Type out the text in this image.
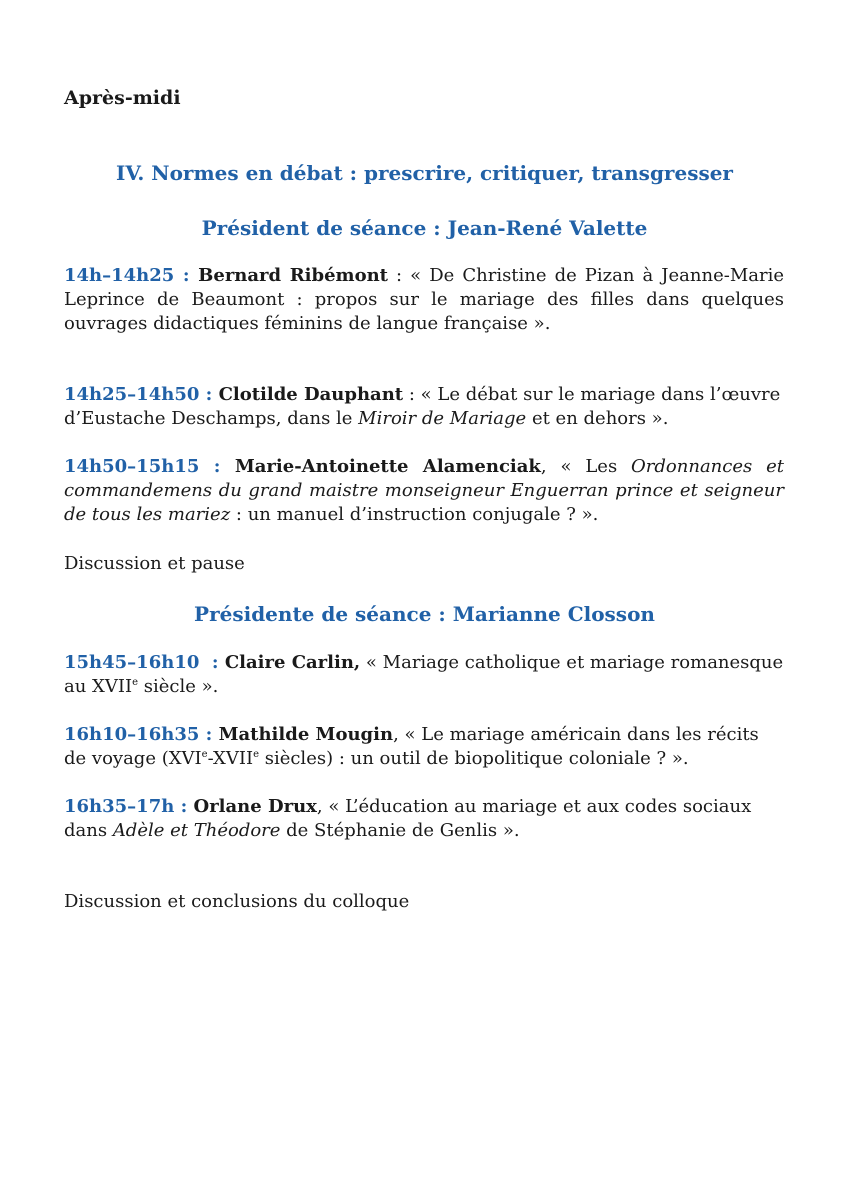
Après-midi
IV. Normes en débat : prescrire, critiquer, transgresser
Président de séance : Jean-René Valette
14h–14h25 : Bernard Ribémont : « De Christine de Pizan à Jeanne-Marie Leprince de Beaumont : propos sur le mariage des filles dans quelques ouvrages didactiques féminins de langue française ».
14h25–14h50 : Clotilde Dauphant : « Le débat sur le mariage dans l’œuvre d’Eustache Deschamps, dans le Miroir de Mariage et en dehors ».
14h50–15h15 : Marie-Antoinette Alamenciak, « Les Ordonnances et commandemens du grand maistre monseigneur Enguerran prince et seigneur de tous les mariez : un manuel d’instruction conjugale ? ».
Discussion et pause
Présidente de séance : Marianne Closson
15h45–16h10  : Claire Carlin, « Mariage catholique et mariage romanesque au XVIIe siècle ».
16h10–16h35 : Mathilde Mougin, « Le mariage américain dans les récits de voyage (XVIe-XVIIe siècles) : un outil de biopolitique coloniale ? ».
16h35–17h : Orlane Drux, « L’éducation au mariage et aux codes sociaux dans Adèle et Théodore de Stéphanie de Genlis ».
Discussion et conclusions du colloque
